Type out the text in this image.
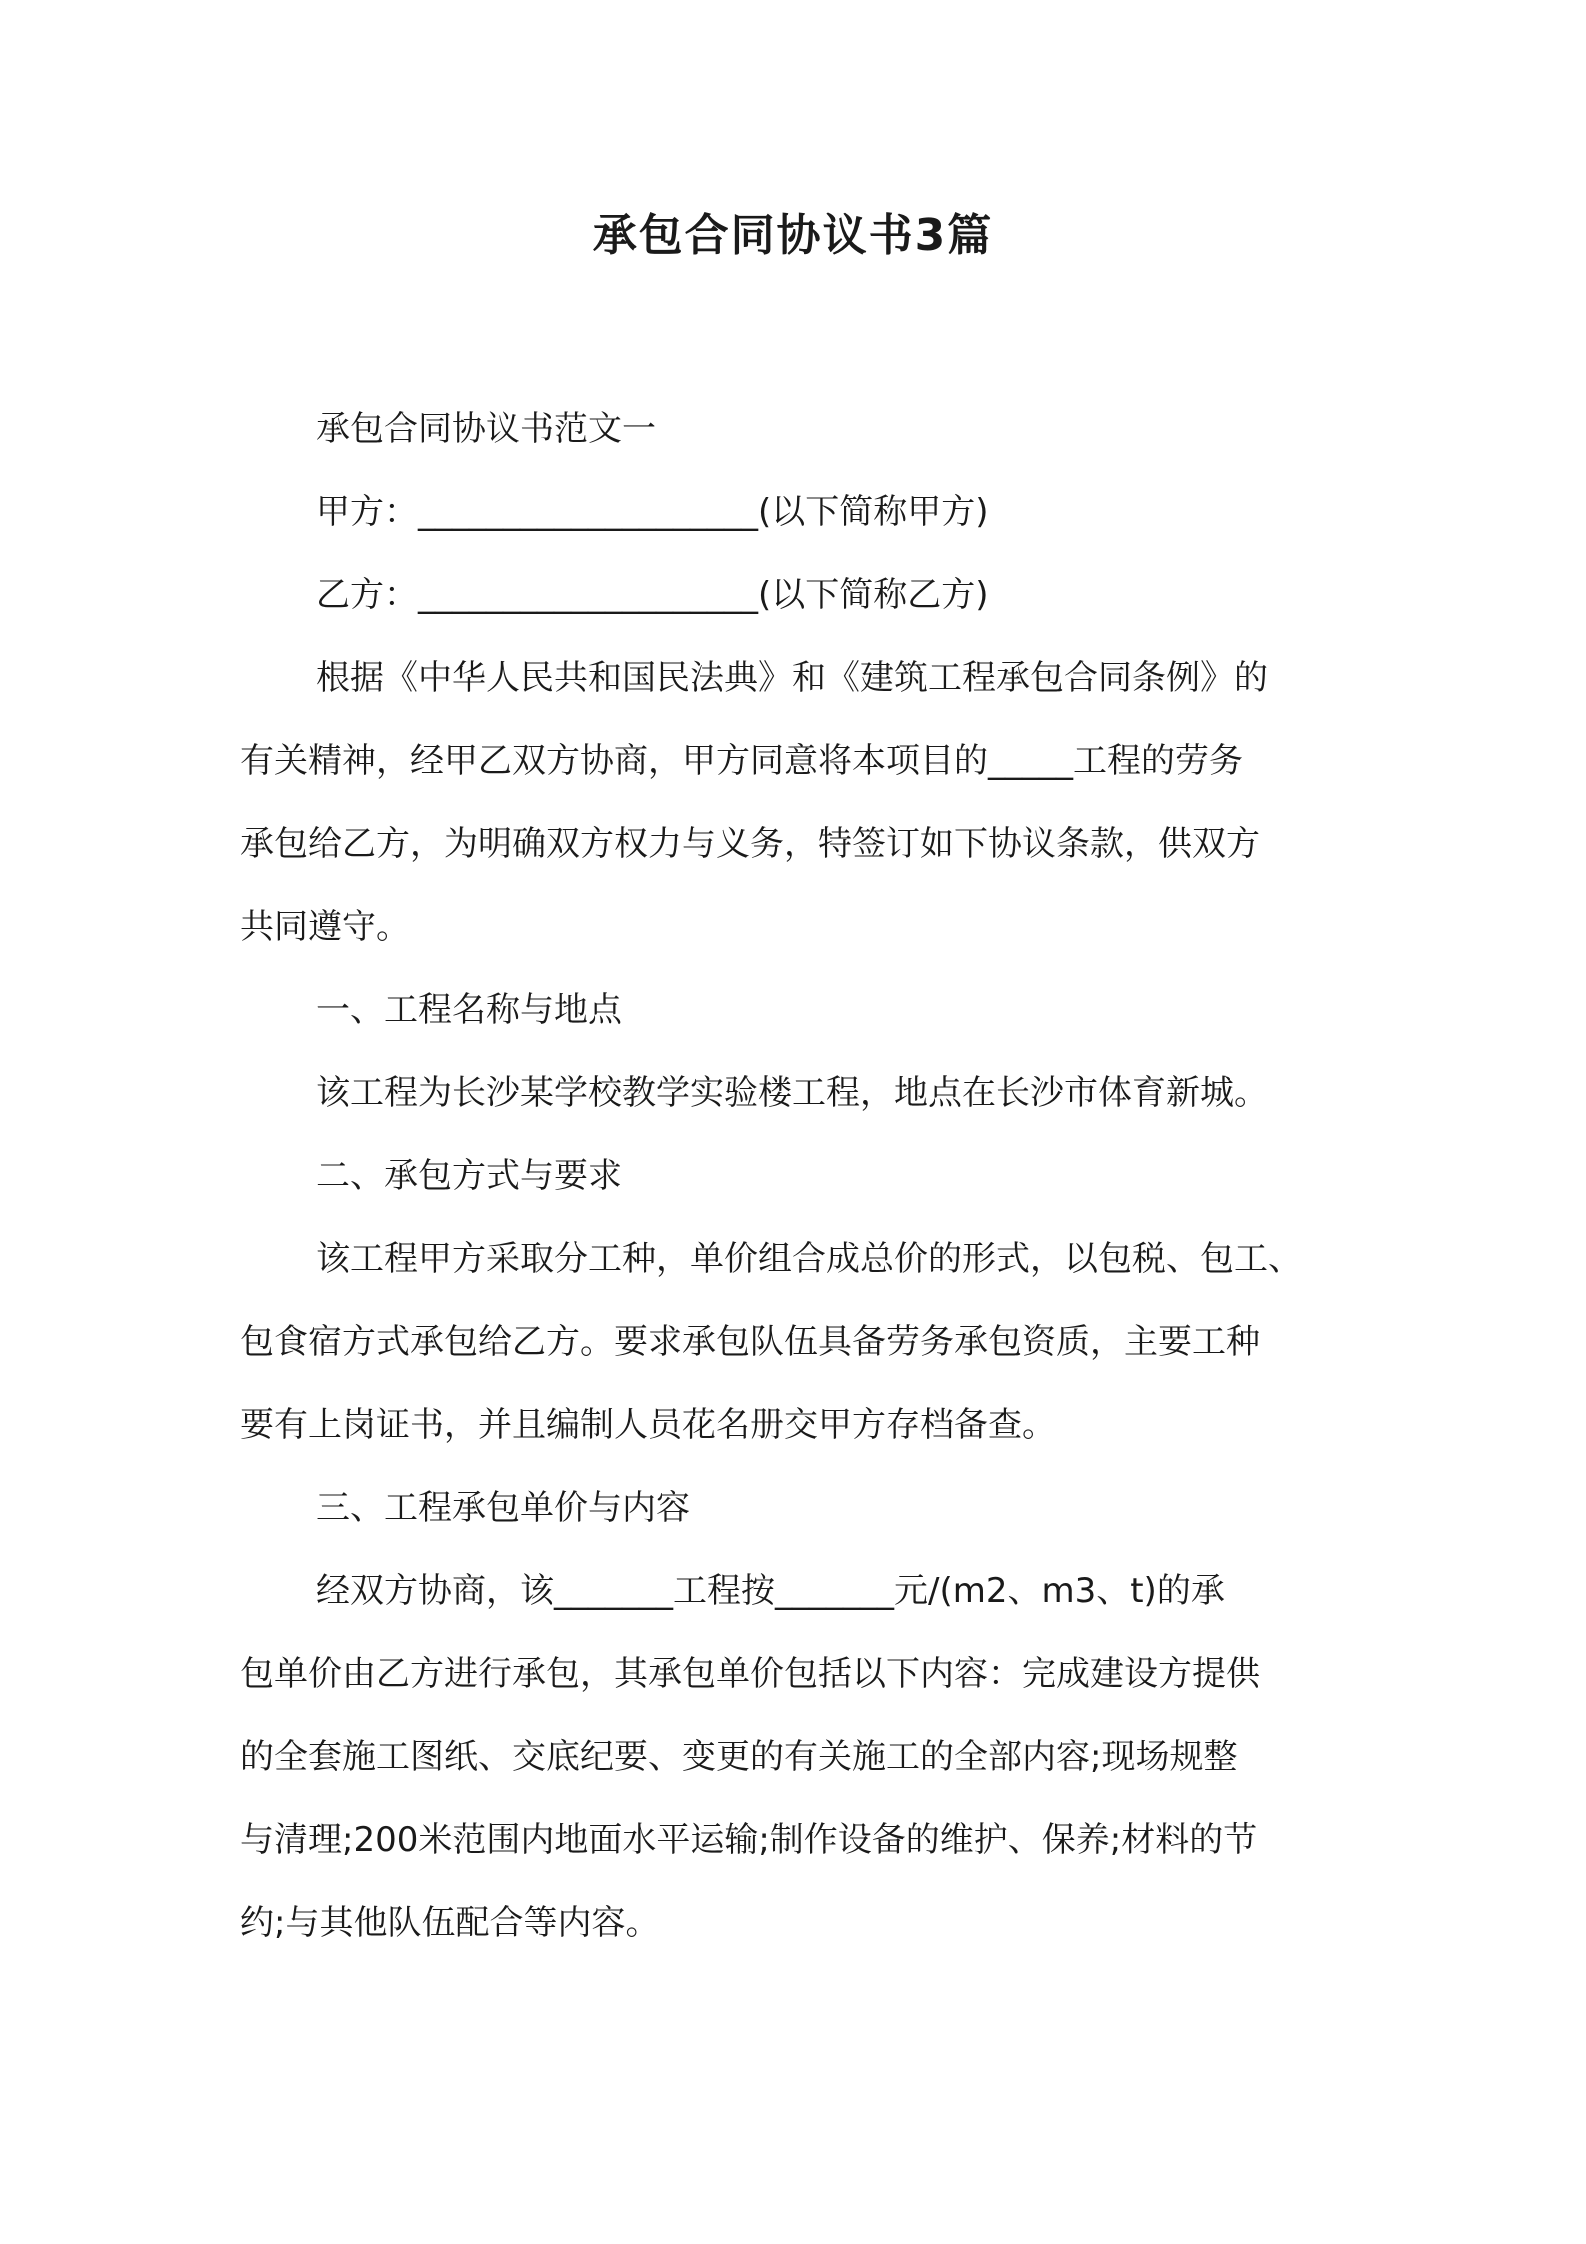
承包合同协议书3篇

承包合同协议书范文一

甲方：____________________(以下简称甲方)

乙方：____________________(以下简称乙方)

根据《中华人民共和国民法典》和《建筑工程承包合同条例》的

有关精神，经甲乙双方协商，甲方同意将本项目的_____工程的劳务

承包给乙方，为明确双方权力与义务，特签订如下协议条款，供双方

共同遵守。

一、工程名称与地点

该工程为长沙某学校教学实验楼工程，地点在长沙市体育新城。

二、承包方式与要求

该工程甲方采取分工种，单价组合成总价的形式，以包税、包工、

包食宿方式承包给乙方。要求承包队伍具备劳务承包资质，主要工种

要有上岗证书，并且编制人员花名册交甲方存档备查。

三、工程承包单价与内容

经双方协商，该_______工程按_______元/(m2、m3、t)的承

包单价由乙方进行承包，其承包单价包括以下内容：完成建设方提供

的全套施工图纸、交底纪要、变更的有关施工的全部内容;现场规整

与清理;200米范围内地面水平运输;制作设备的维护、保养;材料的节

约;与其他队伍配合等内容。
